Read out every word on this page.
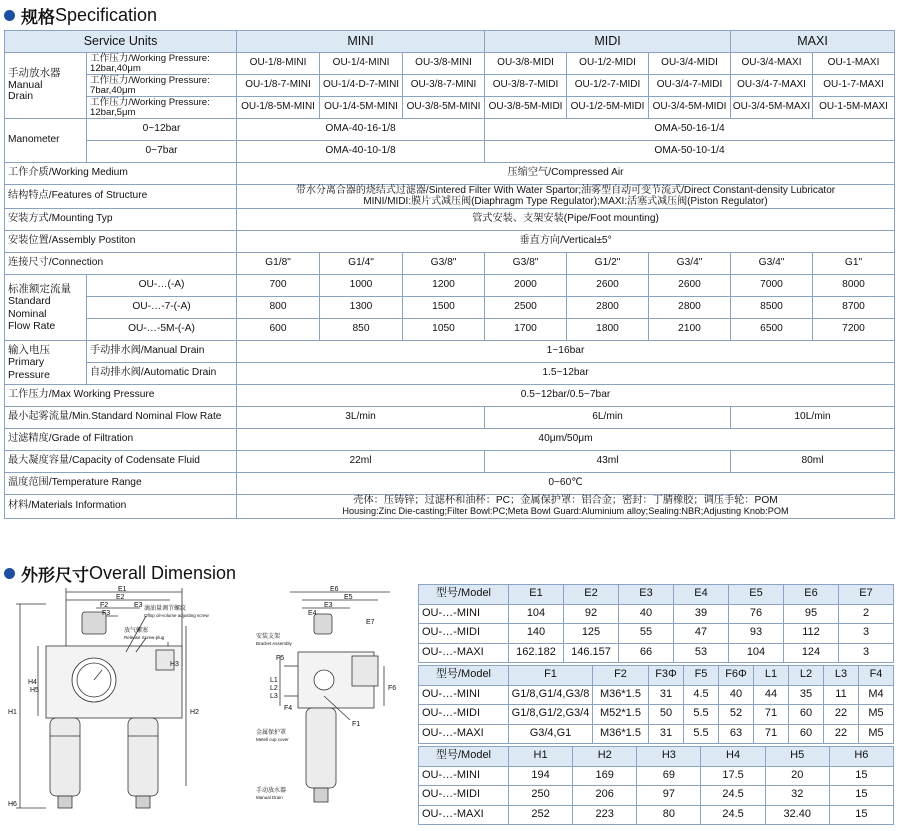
规格 Specification
Service Units		MINI			MIDI			MAXI	

手动放水器
Manual
Drain	工作压力/Working Pressure:
12bar,40μm	OU-1/8-MINI	OU-1/4-MINI	OU-3/8-MINI	OU-3/8-MIDI	OU-1/2-MIDI	OU-3/4-MIDI	OU-3/4-MAXI	OU-1-MAXI

	工作压力/Working Pressure:
7bar,40μm	OU-1/8-7-MINI	OU-1/4-D-7-MINI	OU-3/8-7-MINI	OU-3/8-7-MIDI	OU-1/2-7-MIDI	OU-3/4-7-MIDI	OU-3/4-7-MAXI	OU-1-7-MAXI

	工作压力/Working Pressure:
12bar,5μm	OU-1/8-5M-MINI	OU-1/4-5M-MINI	OU-3/8-5M-MINI	OU-3/8-5M-MIDI	OU-1/2-5M-MIDI	OU-3/4-5M-MIDI	OU-3/4-5M-MAXI	OU-1-5M-MAXI
Manometer	0~12bar	OMA-40-16-1/8			OMA-50-16-1/4				
	0~7bar	OMA-40-10-1/8			OMA-50-10-1/4				
工作介质/Working Medium		压缩空气/Compressed Air							
结构特点/Features of Structure		带水分离合器的烧结式过滤器/Sintered Filter With Water Spartor;油雾型自动可变节流式/Direct Constant-density Lubricator
MINI/MIDI:膜片式减压阀(Diaphragm Type Regulator);MAXI:活塞式减压阀(Piston Regulator)							

安装方式/Mounting Typ		管式安装、支架安装(Pipe/Foot mounting)							
安装位置/Assembly Postiton		垂直方向/Vertical±5°							
连接尺寸/Connection		G1/8"	G1/4"	G3/8"	G3/8"	G1/2"	G3/4"	G3/4"	G1"

标准额定流量
Standard
Nominal
Flow Rate	OU-…(-A)	700	1000	1200	2000	2600	2600	7000	8000
	OU-…-7-(-A)	800	1300	1500	2500	2800	2800	8500	8700
	OU-…-5M-(-A)	600	850	1050	1700	1800	2100	6500	7200

输入电压
Primary
Pressure	手动排水阀/Manual Drain	1~16bar							
	自动排水阀/Automatic Drain	1.5~12bar							
工作压力/Max Working Pressure		0.5~12bar/0.5~7bar							
最小起雾流量/Min.Standard Nominal Flow Rate		3L/min			6L/min			10L/min	
过滤精度/Grade of Filtration		40μm/50μm							
最大凝度容量/Capacity of Codensate Fluid		22ml			43ml			80ml	
温度范围/Temperature Range		0~60℃							
材料/Materials Information		壳体：压铸锌；过滤杯和油杯：PC；金属保护罩：铝合金；密封：丁腈橡胶；调压手轮：POM
Housing:Zinc Die-casting;Filter Bowl:PC;Meta Bowl Guard:Aluminium alloy;Sealing:NBR;Adjusting Knob:POM							
外形尺寸 Overall Dimension
E1
E2
E3
F2
F3
H1	H2
H3
H4
H5
H6
滴油量调节螺纹
Oflop oil-volume adjusting screw
放气螺塞
Release Screw-plug
E6
E5
E3
E4
L1
L2
L3
F1
F4
F5
F6
E7
安装支架
Bracket Assembly
金属保护罩
Metell cup cover
手动放水器
Manual Drain
型号/Model	E1	E2	E3	E4	E5	E6	E7
OU-…-MINI	104	92	40	39	76	95	2
OU-…-MIDI	140	125	55	47	93	112	3
OU-…-MAXI	162.182	146.157	66	53	104	124	3
型号/Model	F1	F2	F3Φ	F5	F6Φ	L1	L2	L3	F4
OU-…-MINI	G1/8,G1/4,G3/8	M36*1.5	31	4.5	40	44	35	11	M4
OU-…-MIDI	G1/8,G1/2,G3/4	M52*1.5	50	5.5	52	71	60	22	M5
OU-…-MAXI	G3/4,G1	M36*1.5	31	5.5	63	71	60	22	M5
型号/Model	H1	H2	H3	H4	H5	H6
OU-…-MINI	194	169	69	17.5	20	15
OU-…-MIDI	250	206	97	24.5	32	15
OU-…-MAXI	252	223	80	24.5	32.40	15
